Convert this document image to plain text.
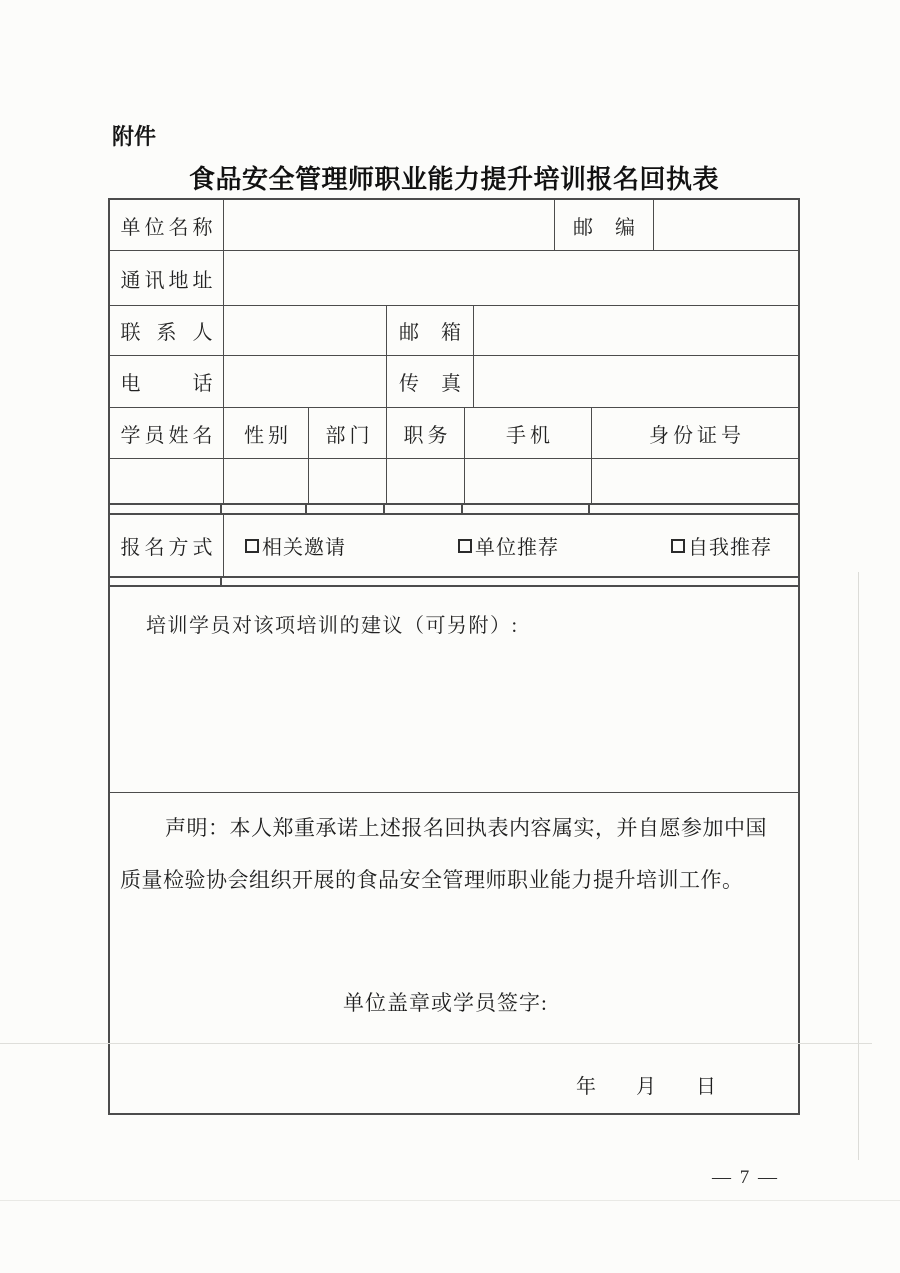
附件
食品安全管理师职业能力提升培训报名回执表
单位名称	邮编
通讯地址
联系人	邮箱
电话	传真
学员姓名	性别	部门	职务	手机	身份证号
报名方式 相关邀请	单位推荐	自我推荐
培训学员对该项培训的建议（可另附）:
声明：本人郑重承诺上述报名回执表内容属实，并自愿参加中国
质量检验协会组织开展的食品安全管理师职业能力提升培训工作。
单位盖章或学员签字:
年 月 日
— 7 —
